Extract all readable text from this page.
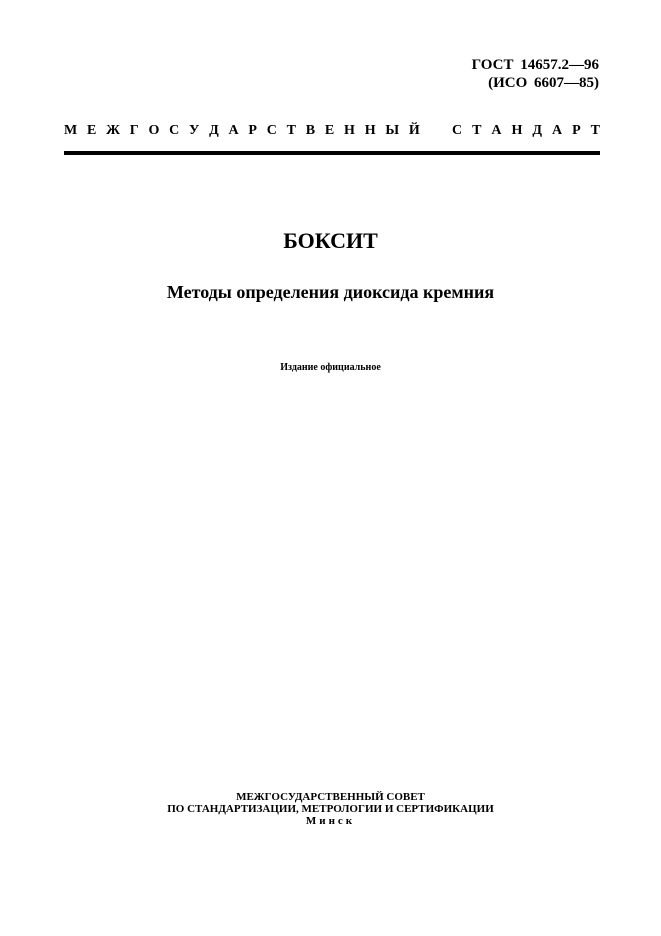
ГОСТ 14657.2—96
(ИСО 6607—85)
М Е Ж Г О С У Д А Р С Т В Е Н Н Ы Й С Т А Н Д А Р Т
БОКСИТ
Методы определения диоксида кремния
Издание официальное
МЕЖГОСУДАРСТВЕННЫЙ СОВЕТ
ПО СТАНДАРТИЗАЦИИ, МЕТРОЛОГИИ И СЕРТИФИКАЦИИ
Минск
